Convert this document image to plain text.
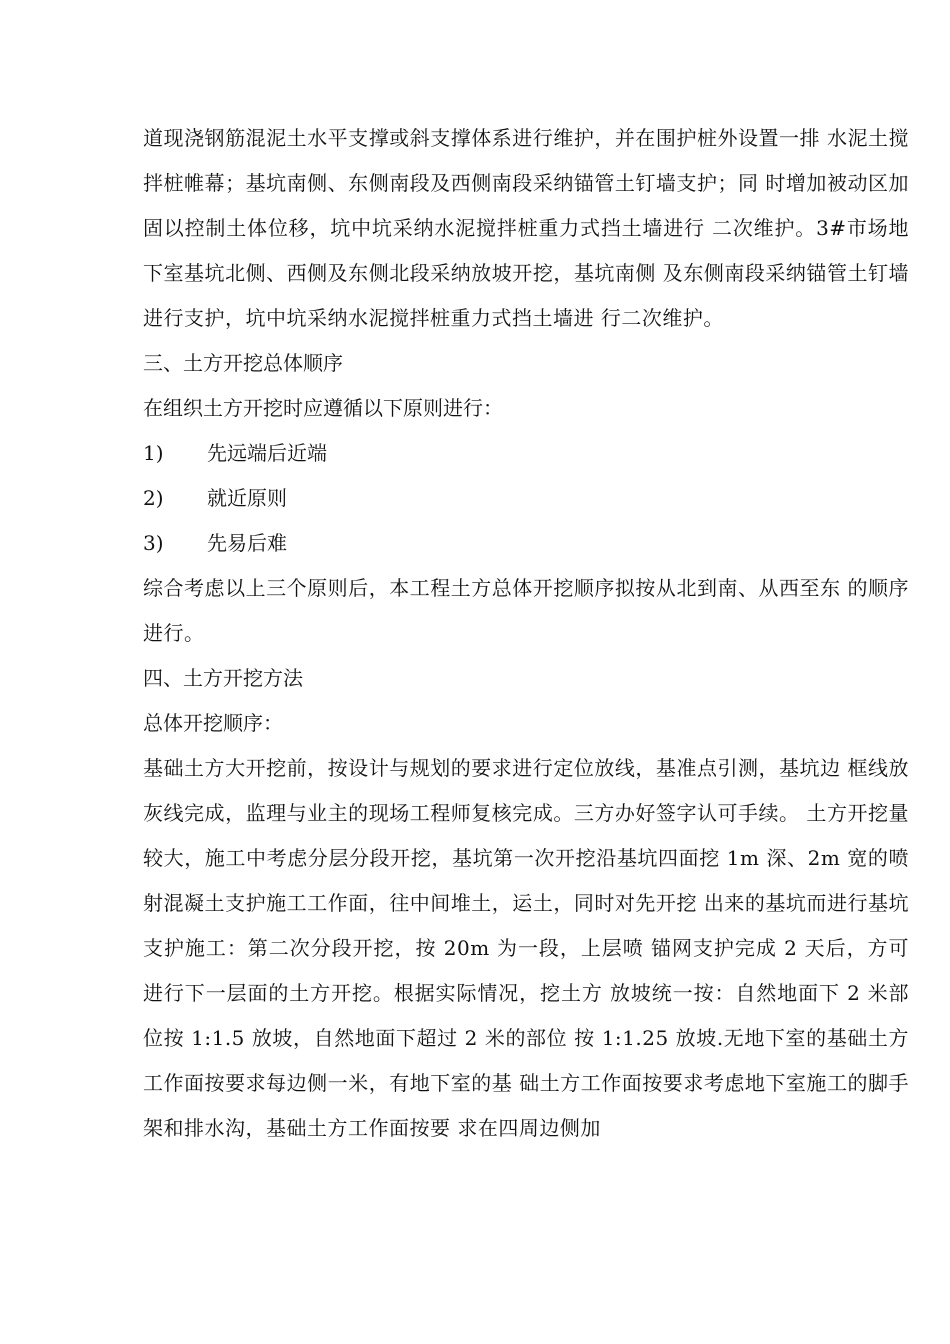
道现浇钢筋混泥土水平支撑或斜支撑体系进行维护，并在围护桩外设置一排 水泥土搅拌桩帷幕；基坑南侧、东侧南段及西侧南段采纳锚管土钉墙支护；同 时增加被动区加固以控制土体位移，坑中坑采纳水泥搅拌桩重力式挡土墙进行 二次维护。3#市场地下室基坑北侧、西侧及东侧北段采纳放坡开挖，基坑南侧 及东侧南段采纳锚管土钉墙进行支护，坑中坑采纳水泥搅拌桩重力式挡土墙进 行二次维护。

三、土方开挖总体顺序
在组织土方开挖时应遵循以下原则进行：
1) 先远端后近端
2) 就近原则
3) 先易后难

综合考虑以上三个原则后，本工程土方总体开挖顺序拟按从北到南、从西至东 的顺序进行。

四、土方开挖方法
总体开挖顺序：

基础土方大开挖前，按设计与规划的要求进行定位放线，基准点引测，基坑边 框线放灰线完成，监理与业主的现场工程师复核完成。三方办好签字认可手续。 土方开挖量较大，施工中考虑分层分段开挖，基坑第一次开挖沿基坑四面挖 1m 深、2m 宽的喷射混凝土支护施工工作面，往中间堆土，运土，同时对先开挖 出来的基坑而进行基坑支护施工：第二次分段开挖，按 20m 为一段，上层喷 锚网支护完成 2 天后，方可进行下一层面的土方开挖。根据实际情况，挖土方 放坡统一按：自然地面下 2 米部位按 1:1.5 放坡，自然地面下超过 2 米的部位 按 1:1.25 放坡.无地下室的基础土方工作面按要求每边侧一米，有地下室的基 础土方工作面按要求考虑地下室施工的脚手架和排水沟，基础土方工作面按要 求在四周边侧加
